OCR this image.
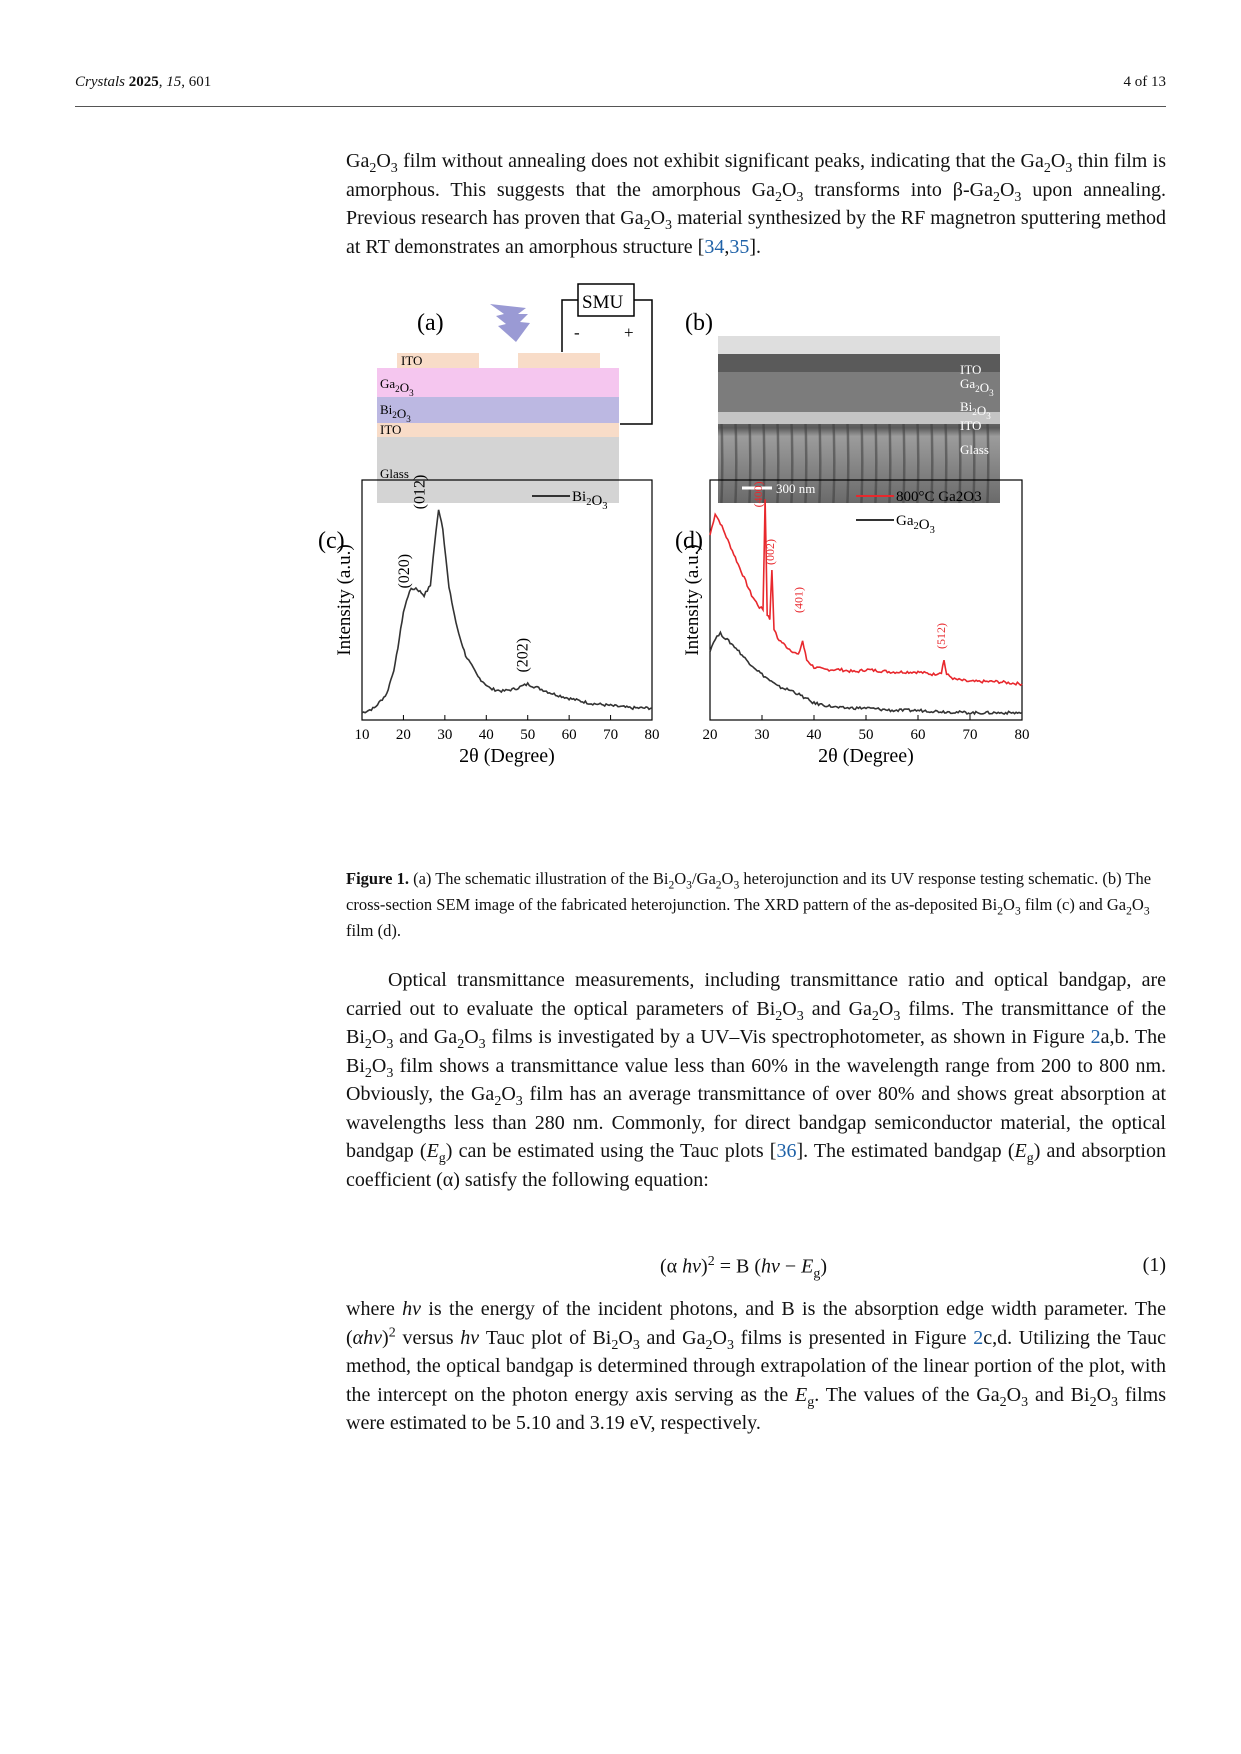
Crystals 2025, 15, 601	4 of 13
$Ga_2O_3$ film without annealing does not exhibit significant peaks, indicating that the $Ga_2O_3$ thin film is amorphous. This suggests that the amorphous $Ga_2O_3$ transforms into $\beta-Ga_2O_3$ upon annealing. Previous research has proven that $Ga_2O_3$ material synthesized by the RF magnetron sputtering method at RT demonstrates an amorphous structure [34,35].
(a)
SMU
-	+
ITO
$Ga_2O_3$
$Bi_2O_3$
ITO
Glass
(b)
ITO
$Ga_2O_3$
$Bi_2O_3$
ITO
Glass
300 nm
(c)
10 20 30 40 50 60 70 80
2θ (Degree)
Intensity (a.u.)
$Bi_2O_3$
(020)
(012)
(202)
(d)
20 30 40 50 60 70 80
2θ (Degree)
Intensity (a.u.)
800°C Ga2O3
$Ga_2O_3$
(400)
(002)
(401)
(512)
Figure 1. (a) The schematic illustration of the $Bi_2O_3/Ga_2O_3$ heterojunction and its UV response testing schematic. (b) The cross-section SEM image of the fabricated heterojunction. The XRD pattern of the as-deposited $Bi_2O_3$ film (c) and $Ga_2O_3$ film (d).
Optical transmittance measurements, including transmittance ratio and optical bandgap, are carried out to evaluate the optical parameters of $Bi_2O_3$ and $Ga_2O_3$ films. The transmittance of the $Bi_2O_3$ and $Ga_2O_3$ films is investigated by a UV–Vis spectrophotometer, as shown in Figure 2a,b. The $Bi_2O_3$ film shows a transmittance value less than 60% in the wavelength range from 200 to 800 nm. Obviously, the $Ga_2O_3$ film has an average transmittance of over 80% and shows great absorption at wavelengths less than 280 nm. Commonly, for direct bandgap semiconductor material, the optical bandgap $(E_g)$ can be estimated using the Tauc plots [36]. The estimated bandgap $(E_g)$ and absorption coefficient (α) satisfy the following equation:
(α hν)$^2$ = B $(h\nu - E_g)$	(1)
where hν is the energy of the incident photons, and B is the absorption edge width parameter. The $(\alpha h\nu)^2$ versus hν Tauc plot of $Bi_2O_3$ and $Ga_2O_3$ films is presented in Figure 2c,d. Utilizing the Tauc method, the optical bandgap is determined through extrapolation of the linear portion of the plot, with the intercept on the photon energy axis serving as the $E_g$. The values of the $Ga_2O_3$ and $Bi_2O_3$ films were estimated to be 5.10 and 3.19 eV, respectively.
